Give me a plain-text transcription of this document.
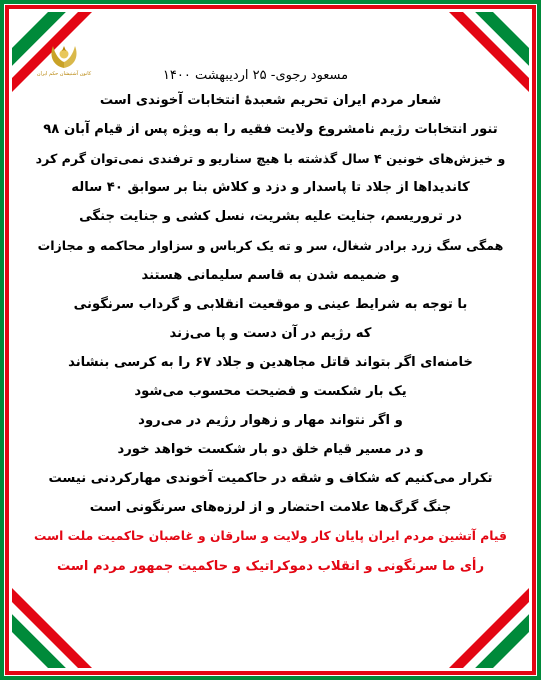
کانون آشتیشان حکم ایران	مسعود رجوی- ۲۵ اردیبهشت ۱۴۰۰
شعار مردم ایران تحریم شعبدهٔ انتخابات آخوندی است
تنور انتخابات رژیم نامشروع ولایت فقیه را به ویژه پس از قیام آبان ۹۸
و خیزش‌های خونین ۴ سال گذشته با هیچ سناریو و ترفندی نمی‌توان گرم کرد
کاندیداها از جلاد تا پاسدار و دزد و کلاش بنا بر سوابق ۴۰ ساله
در تروریسم، جنایت علیه بشریت، نسل کشی و جنایت جنگی
همگی سگ زرد برادر شغال، سر و ته یک کرباس و سزاوار محاکمه و مجازات
و ضمیمه شدن به قاسم سلیمانی هستند
با توجه به شرایط عینی و موقعیت انقلابی و گرداب سرنگونی
که رژیم در آن دست و پا می‌زند
خامنه‌ای اگر بتواند قاتل مجاهدین و جلاد ۶۷ را به کرسی بنشاند
یک بار شکست و فضیحت محسوب می‌شود
و اگر نتواند مهار و زهوار رژیم در می‌رود
و در مسیر قیام خلق دو بار شکست خواهد خورد
تکرار می‌کنیم که شکاف و شقه در حاکمیت آخوندی مهارکردنی نیست
جنگ گرگ‌ها علامت احتضار و از لرزه‌های سرنگونی است
قیام آتشین مردم ایران پایان کار ولایت و سارقان و غاصبان حاکمیت ملت است
رأی ما سرنگونی و انقلاب دموکراتیک و حاکمیت جمهور مردم است
